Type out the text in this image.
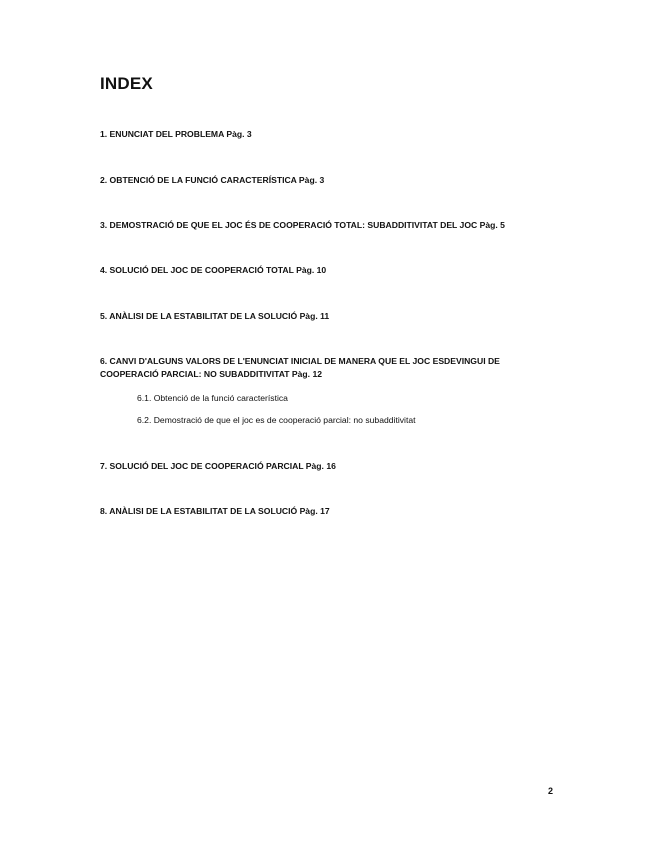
INDEX
1. ENUNCIAT DEL PROBLEMA Pàg. 3
2. OBTENCIÓ DE LA FUNCIÓ CARACTERÍSTICA Pàg. 3
3. DEMOSTRACIÓ DE QUE EL JOC ÉS DE COOPERACIÓ TOTAL: SUBADDITIVITAT DEL JOC Pàg. 5
4. SOLUCIÓ DEL JOC DE COOPERACIÓ TOTAL Pàg. 10
5. ANÀLISI DE LA ESTABILITAT DE LA SOLUCIÓ Pàg. 11
6. CANVI D'ALGUNS VALORS DE L'ENUNCIAT INICIAL DE MANERA QUE EL JOC ESDEVINGUI DE COOPERACIÓ PARCIAL: NO SUBADDITIVITAT Pàg. 12
6.1. Obtenció de la funció característica
6.2. Demostració de que el joc es de cooperació parcial: no subadditivitat
7. SOLUCIÓ DEL JOC DE COOPERACIÓ PARCIAL Pàg. 16
8. ANÀLISI DE LA ESTABILITAT DE LA SOLUCIÓ Pàg. 17
2
